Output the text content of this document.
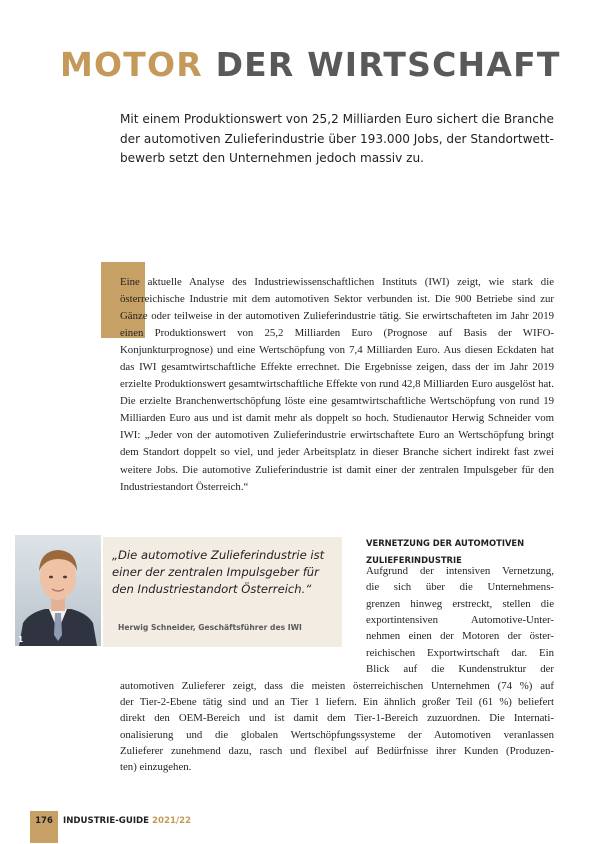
MOTOR DER WIRTSCHAFT

Mit einem Produktionswert von 25,2 Milliarden Euro sichert die Branche der automotiven Zulieferindustrie über 193.000 Jobs, der Standortwettbewerb setzt den Unternehmen jedoch massiv zu.

Eine aktuelle Analyse des Industriewissenschaftlichen Instituts (IWI) zeigt, wie stark die österreichische Industrie mit dem automotiven Sektor verbunden ist. Die 900 Betriebe sind zur Gänze oder teilweise in der automotiven Zulieferindustrie tätig. Sie erwirtschafteten im Jahr 2019 einen Produktionswert von 25,2 Milliarden Euro (Prognose auf Basis der WIFO-Konjunkturprognose) und eine Wertschöpfung von 7,4 Milliarden Euro. Aus diesen Eckdaten hat das IWI gesamtwirtschaftliche Effekte errechnet. Die Ergebnisse zeigen, dass der im Jahr 2019 erzielte Produktionswert gesamtwirtschaftliche Effekte von rund 42,8 Milliarden Euro ausgelöst hat. Die erzielte Branchenwertschöpfung löste eine gesamtwirtschaftliche Wertschöpfung von rund 19 Milliarden Euro aus und ist damit mehr als doppelt so hoch. Studienautor Herwig Schneider vom IWI: „Jeder von der automotiven Zulieferindustrie erwirtschaftete Euro an Wertschöpfung bringt dem Standort doppelt so viel, und jeder Arbeitsplatz in dieser Branche sichert indirekt fast zwei weitere Jobs. Die automotive Zulieferindustrie ist damit einer der zentralen Impulsgeber für den Industriestandort Österreich.“

1

„Die automotive Zulieferindustrie ist einer der zentralen Impulsgeber für den Industriestandort Österreich.“

Herwig Schneider, Geschäftsführer des IWI

VERNETZUNG DER AUTOMOTIVEN ZULIEFERINDUSTRIE

Aufgrund der intensiven Vernetzung,

die sich über die Unternehmens-

grenzen hinweg erstreckt, stellen die

exportintensiven Automotive-Unter-

nehmen einen der Motoren der öster-

reichischen Exportwirtschaft dar. Ein

Blick auf die Kundenstruktur der

automotiven Zulieferer zeigt, dass die meisten österreichischen Unternehmen (74 %) auf

der Tier-2-Ebene tätig sind und an Tier 1 liefern. Ein ähnlich großer Teil (61 %) beliefert

direkt den OEM-Bereich und ist damit dem Tier-1-Bereich zuzuordnen. Die Internati-

onalisierung und die globalen Wertschöpfungssysteme der Automotiven veranlassen

Zulieferer zunehmend dazu, rasch und flexibel auf Bedürfnisse ihrer Kunden (Produzen-

ten) einzugehen.

176	INDUSTRIE-GUIDE 2021/22
